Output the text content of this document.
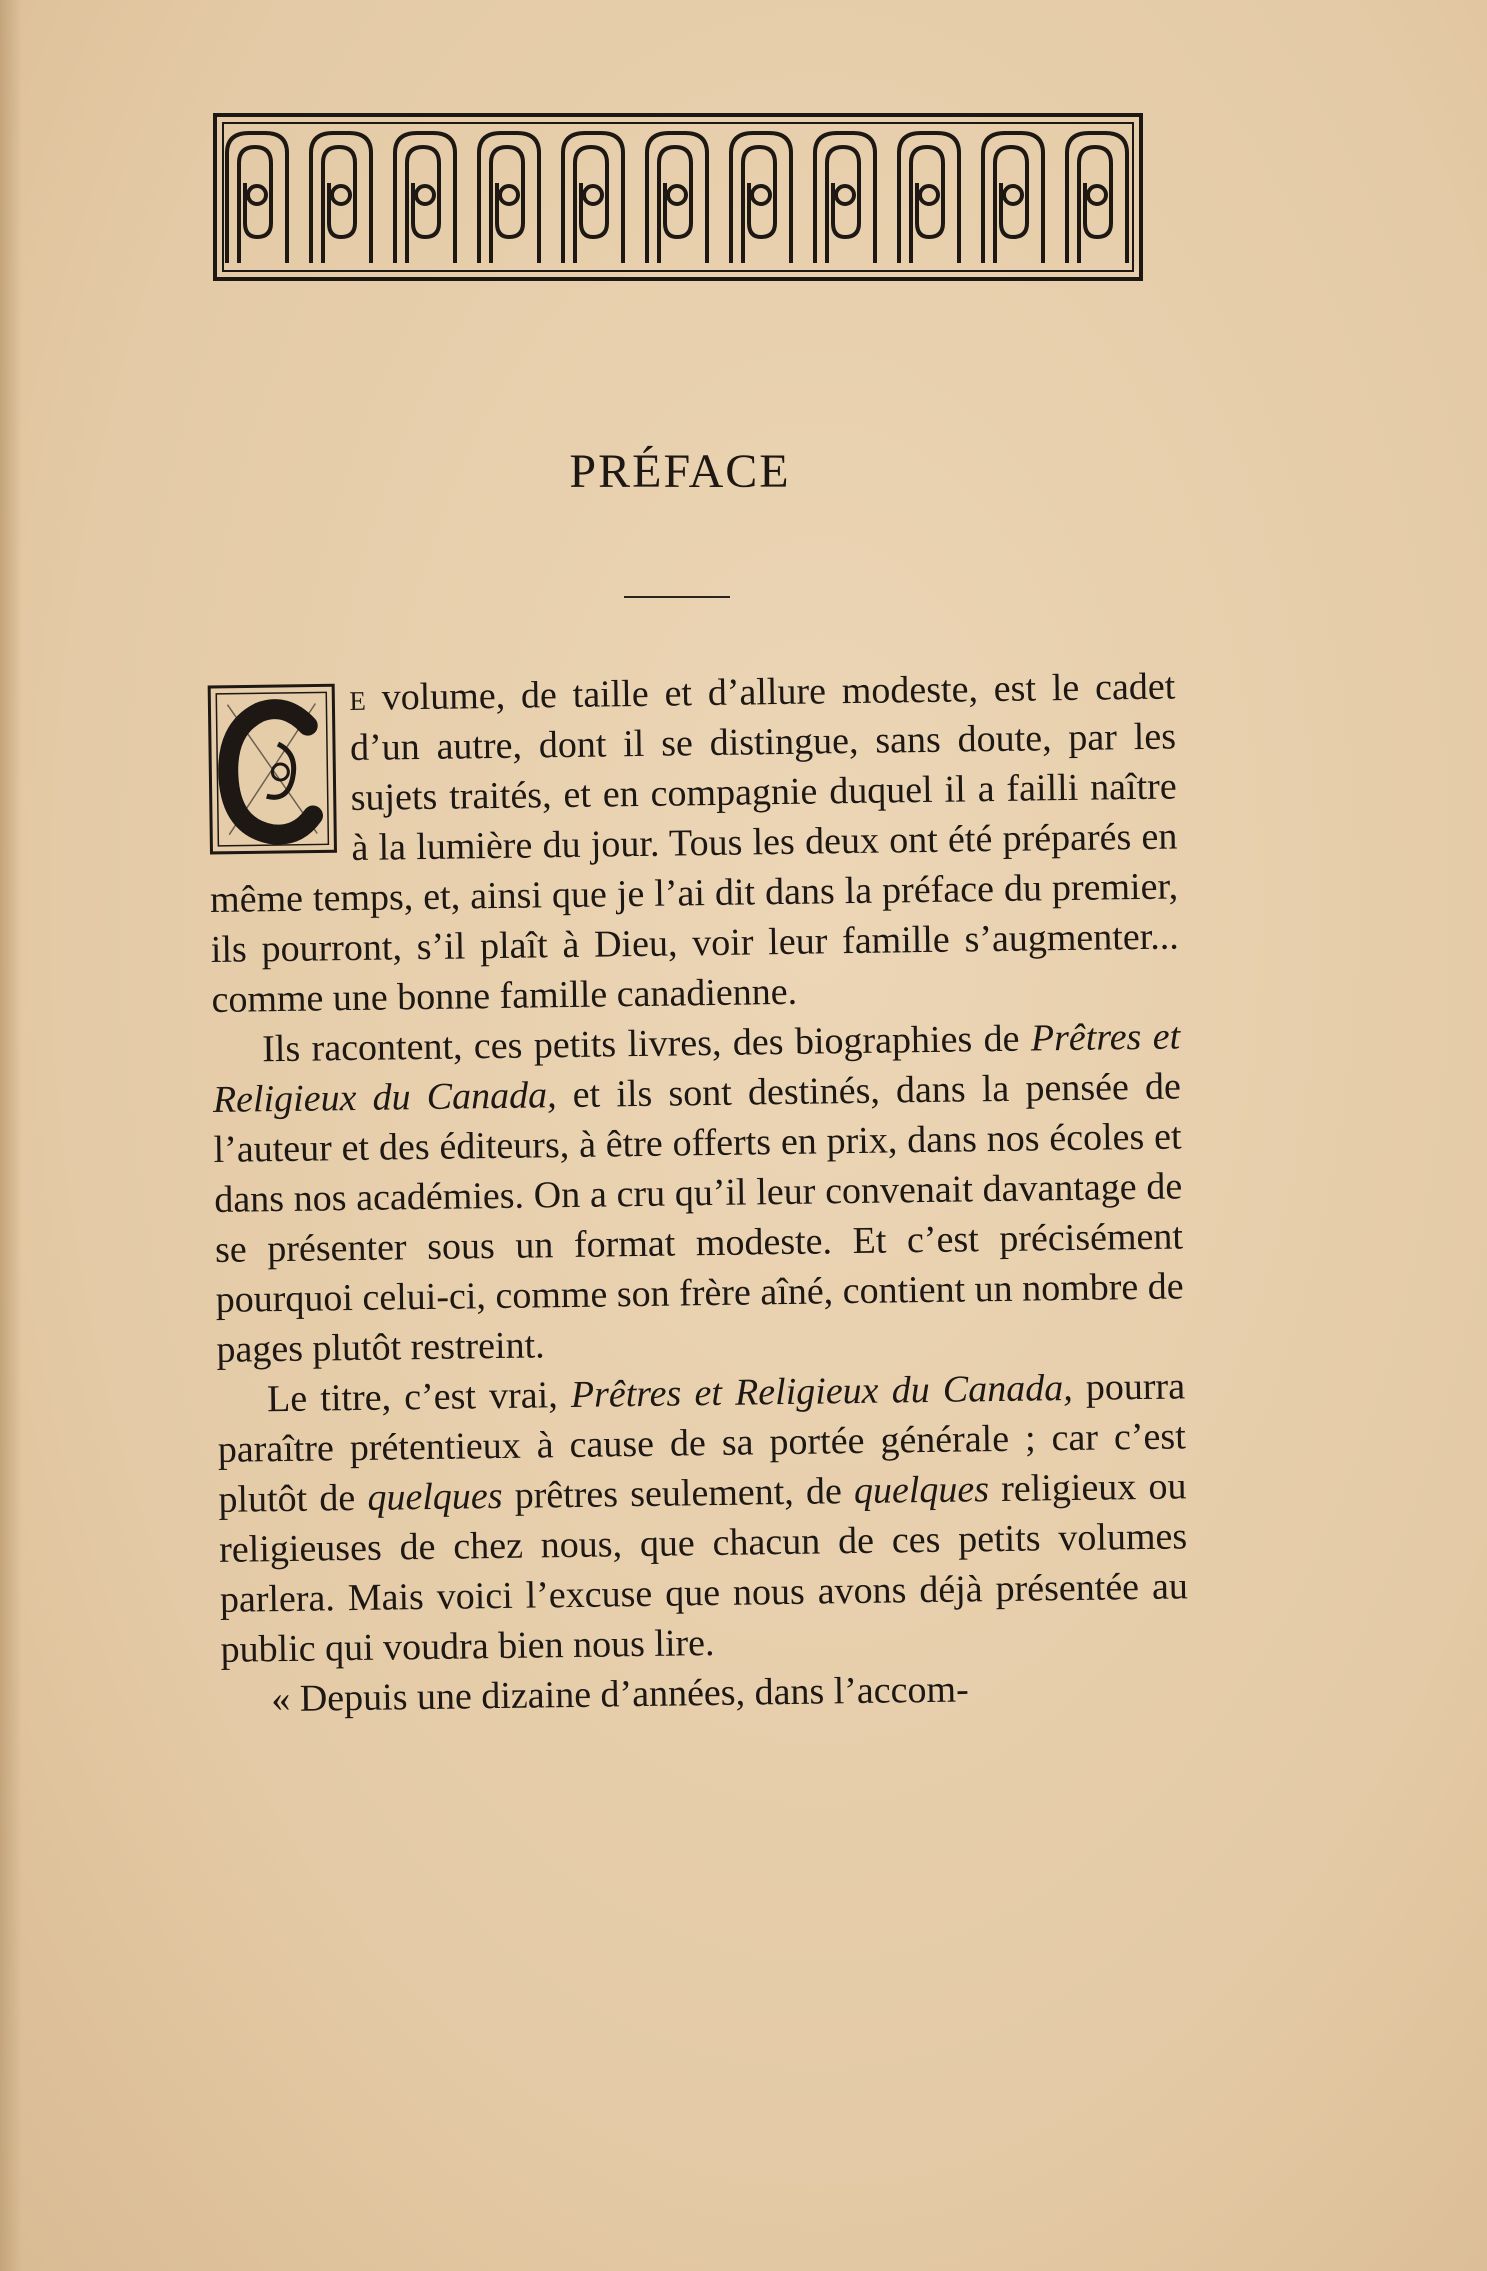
PRÉFACE

C
e volume, de taille et d’allure modeste, est le cadet d’un autre, dont il se distingue, sans doute, par les sujets traités, et en compagnie duquel il a failli naître à la lumière du jour. Tous les deux ont été préparés en même temps, et, ainsi que je l’ai dit dans la préface du premier, ils pourront, s’il plaît à Dieu, voir leur famille s’augmenter... comme une bonne famille canadienne.

Ils racontent, ces petits livres, des biographies de Prêtres et Religieux du Canada, et ils sont destinés, dans la pensée de l’auteur et des éditeurs, à être offerts en prix, dans nos écoles et dans nos académies. On a cru qu’il leur convenait davantage de se présenter sous un format modeste. Et c’est précisément pourquoi celui-ci, comme son frère aîné, contient un nombre de pages plutôt restreint.

Le titre, c’est vrai, Prêtres et Religieux du Canada, pourra paraître prétentieux à cause de sa portée générale ; car c’est plutôt de quelques prêtres seulement, de quelques religieux ou religieuses de chez nous, que chacun de ces petits volumes parlera. Mais voici l’excuse que nous avons déjà présentée au public qui voudra bien nous lire.

« Depuis une dizaine d’années, dans l’accom-
